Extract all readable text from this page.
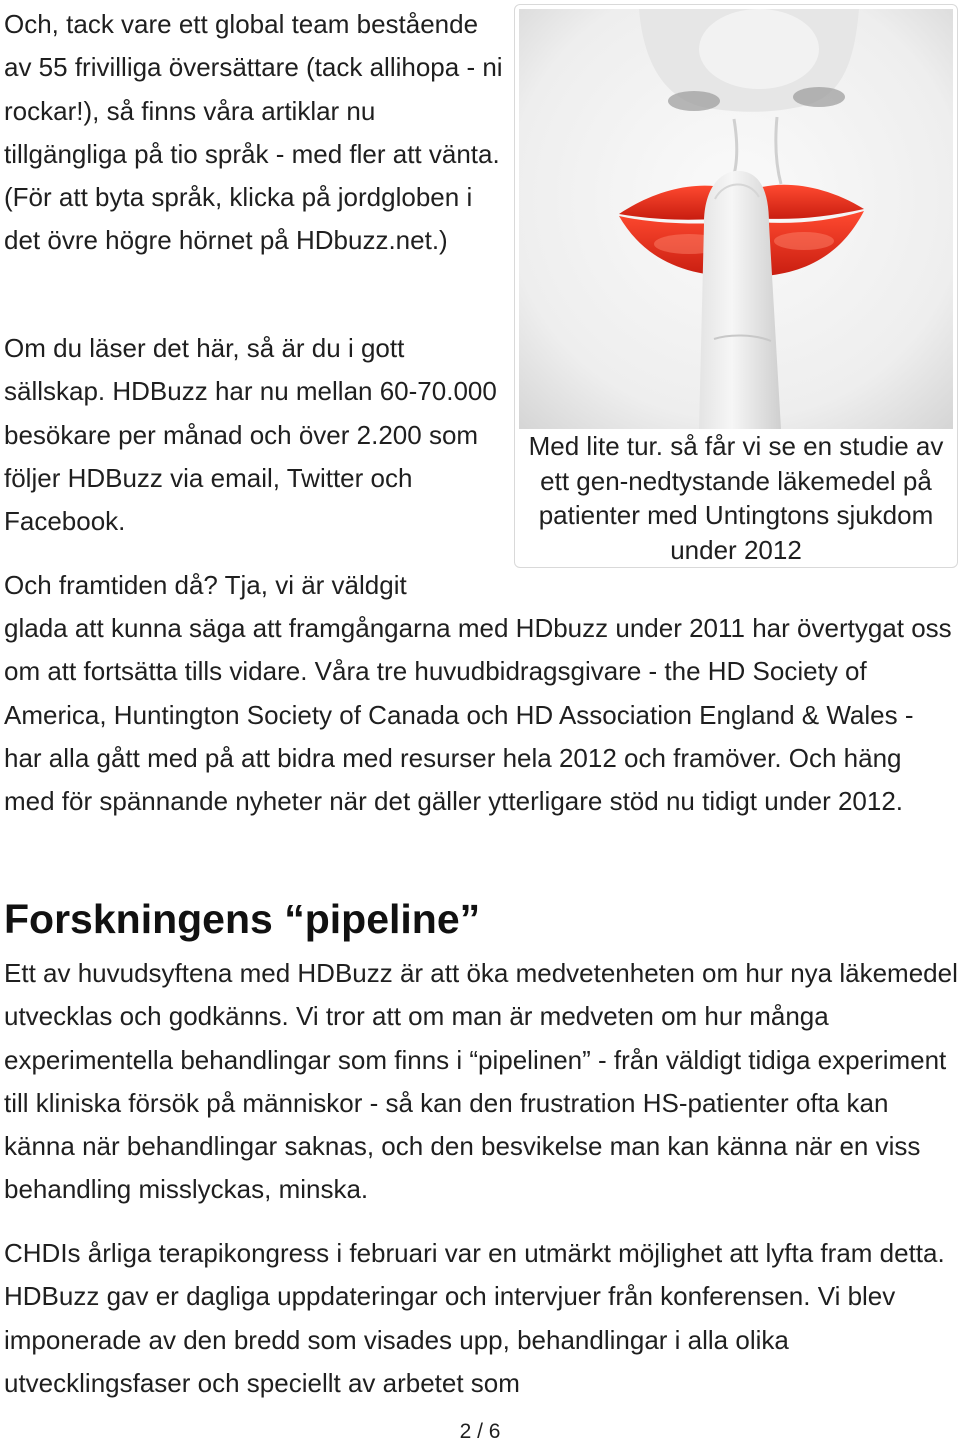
Och, tack vare ett global team bestående av 55 frivilliga översättare (tack allihopa - ni rockar!), så finns våra artiklar nu tillgängliga på tio språk - med fler att vänta. (För att byta språk, klicka på jordgloben i det övre högre hörnet på HDbuzz.net.)

Om du läser det här, så är du i gott sällskap. HDBuzz har nu mellan 60-70.000 besökare per månad och över 2.200 som följer HDBuzz via email, Twitter och Facebook.

Och framtiden då? Tja, vi är väldgit

glada att kunna säga att framgångarna med HDbuzz under 2011 har övertygat oss om att fortsätta tills vidare. Våra tre huvudbidragsgivare - the HD Society of America, Huntington Society of Canada och HD Association England & Wales - har alla gått med på att bidra med resurser hela 2012 och framöver. Och häng med för spännande nyheter när det gäller ytterligare stöd nu tidigt under 2012.

Forskningens “pipeline”

Ett av huvudsyftena med HDBuzz är att öka medvetenheten om hur nya läkemedel utvecklas och godkänns. Vi tror att om man är medveten om hur många experimentella behandlingar som finns i “pipelinen” - från väldigt tidiga experiment till kliniska försök på människor - så kan den frustration HS-patienter ofta kan känna när behandlingar saknas, och den besvikelse man kan känna när en viss behandling misslyckas, minska.

CHDIs årliga terapikongress i februari var en utmärkt möjlighet att lyfta fram detta. HDBuzz gav er dagliga uppdateringar och intervjuer från konferensen. Vi blev imponerade av den bredd som visades upp, behandlingar i alla olika utvecklingsfaser och speciellt av arbetet som

Med lite tur. så får vi se en studie av ett gen-nedtystande läkemedel på patienter med Untingtons sjukdom under 2012
2 / 6
